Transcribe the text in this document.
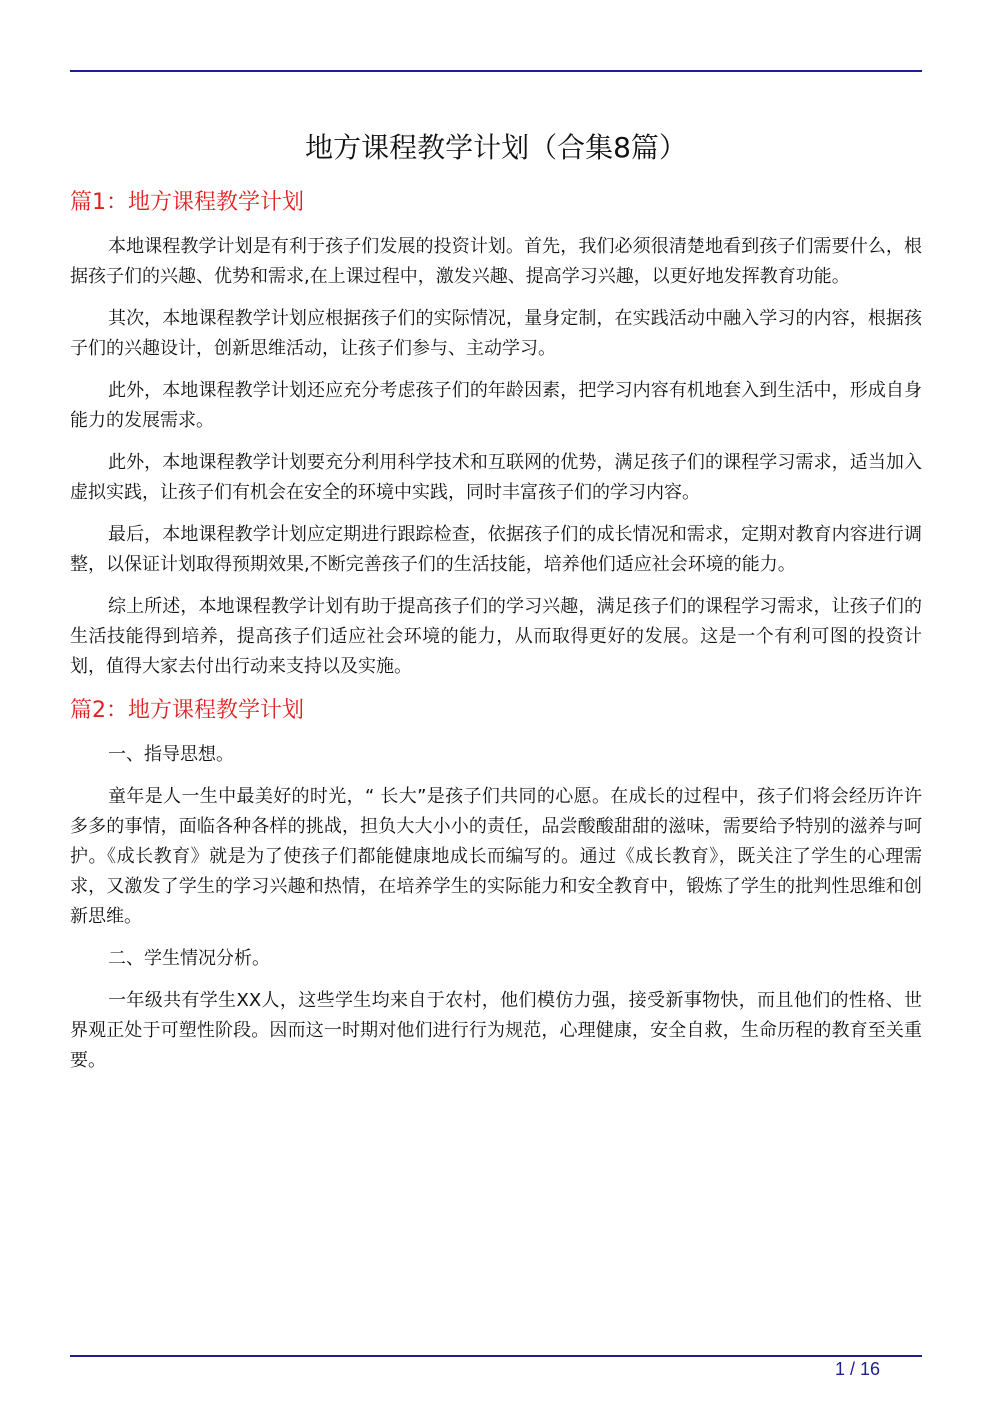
地方课程教学计划（合集8篇）
篇1：地方课程教学计划

本地课程教学计划是有利于孩子们发展的投资计划。首先，我们必须很清楚地看到孩子们需要什么，根据孩子们的兴趣、优势和需求,在上课过程中，激发兴趣、提高学习兴趣，以更好地发挥教育功能。

其次，本地课程教学计划应根据孩子们的实际情况，量身定制，在实践活动中融入学习的内容，根据孩子们的兴趣设计，创新思维活动，让孩子们参与、主动学习。

此外，本地课程教学计划还应充分考虑孩子们的年龄因素，把学习内容有机地套入到生活中，形成自身能力的发展需求。

此外，本地课程教学计划要充分利用科学技术和互联网的优势，满足孩子们的课程学习需求，适当加入虚拟实践，让孩子们有机会在安全的环境中实践，同时丰富孩子们的学习内容。

最后，本地课程教学计划应定期进行跟踪检查，依据孩子们的成长情况和需求，定期对教育内容进行调整，以保证计划取得预期效果,不断完善孩子们的生活技能，培养他们适应社会环境的能力。

综上所述，本地课程教学计划有助于提高孩子们的学习兴趣，满足孩子们的课程学习需求，让孩子们的生活技能得到培养，提高孩子们适应社会环境的能力，从而取得更好的发展。这是一个有利可图的投资计划，值得大家去付出行动来支持以及实施。

篇2：地方课程教学计划

一、指导思想。

童年是人一生中最美好的时光，“ 长大”是孩子们共同的心愿。在成长的过程中，孩子们将会经历许许多多的事情，面临各种各样的挑战，担负大大小小的责任，品尝酸酸甜甜的滋味，需要给予特别的滋养与呵护。《成长教育》就是为了使孩子们都能健康地成长而编写的。通过《成长教育》，既关注了学生的心理需求，又激发了学生的学习兴趣和热情，在培养学生的实际能力和安全教育中，锻炼了学生的批判性思维和创新思维。

二、学生情况分析。

一年级共有学生XX人，这些学生均来自于农村，他们模仿力强，接受新事物快，而且他们的性格、世界观正处于可塑性阶段。因而这一时期对他们进行行为规范，心理健康，安全自救，生命历程的教育至关重要。

1 / 16
